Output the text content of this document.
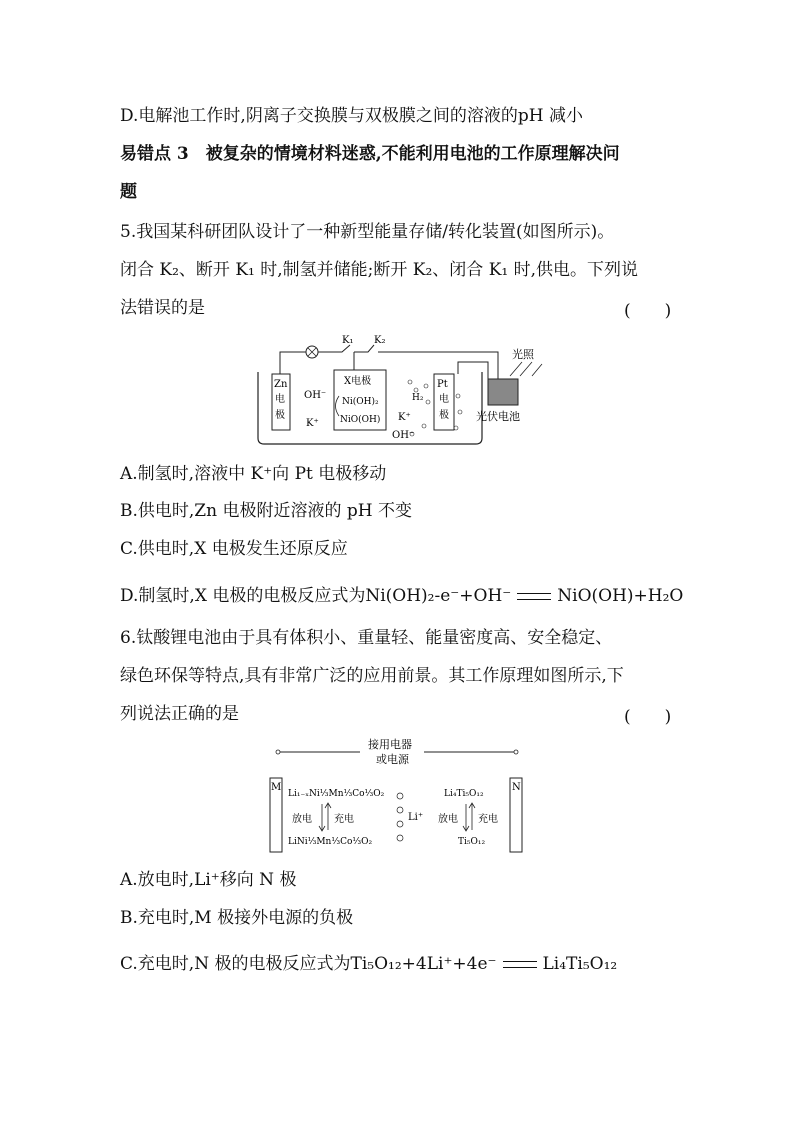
D.电解池工作时,阴离子交换膜与双极膜之间的溶液的pH 减小
易错点 3　被复杂的情境材料迷惑,不能利用电池的工作原理解决问
题
5.我国某科研团队设计了一种新型能量存储/转化装置(如图所示)。
闭合 K₂、断开 K₁ 时,制氢并储能;断开 K₂、闭合 K₁ 时,供电。下列说
法错误的是	(　　)
K₁ K₂
光照
光伏电池
Zn
电
极
OH⁻
K⁺
X电极
Ni(OH)₂
NiO(OH)
H₂
K⁺
OH⁻
Pt
电
极
A.制氢时,溶液中 K⁺向 Pt 电极移动
B.供电时,Zn 电极附近溶液的 pH 不变
C.供电时,X 电极发生还原反应
D.制氢时,X 电极的电极反应式为Ni(OH)₂-e⁻+OH⁻	NiO(OH)+H₂O
6.钛酸锂电池由于具有体积小、重量轻、能量密度高、安全稳定、
绿色环保等特点,具有非常广泛的应用前景。其工作原理如图所示,下
列说法正确的是	(　　)
接用电器
或电源
M	N
Li₁₋ₓNi⅓Mn⅓Co⅓O₂
放电 充电
LiNi⅓Mn⅓Co⅓O₂
Li⁺
Li₄Ti₅O₁₂
放电 充电
Ti₅O₁₂
A.放电时,Li⁺移向 N 极
B.充电时,M 极接外电源的负极
C.充电时,N 极的电极反应式为Ti₅O₁₂+4Li⁺+4e⁻	Li₄Ti₅O₁₂
